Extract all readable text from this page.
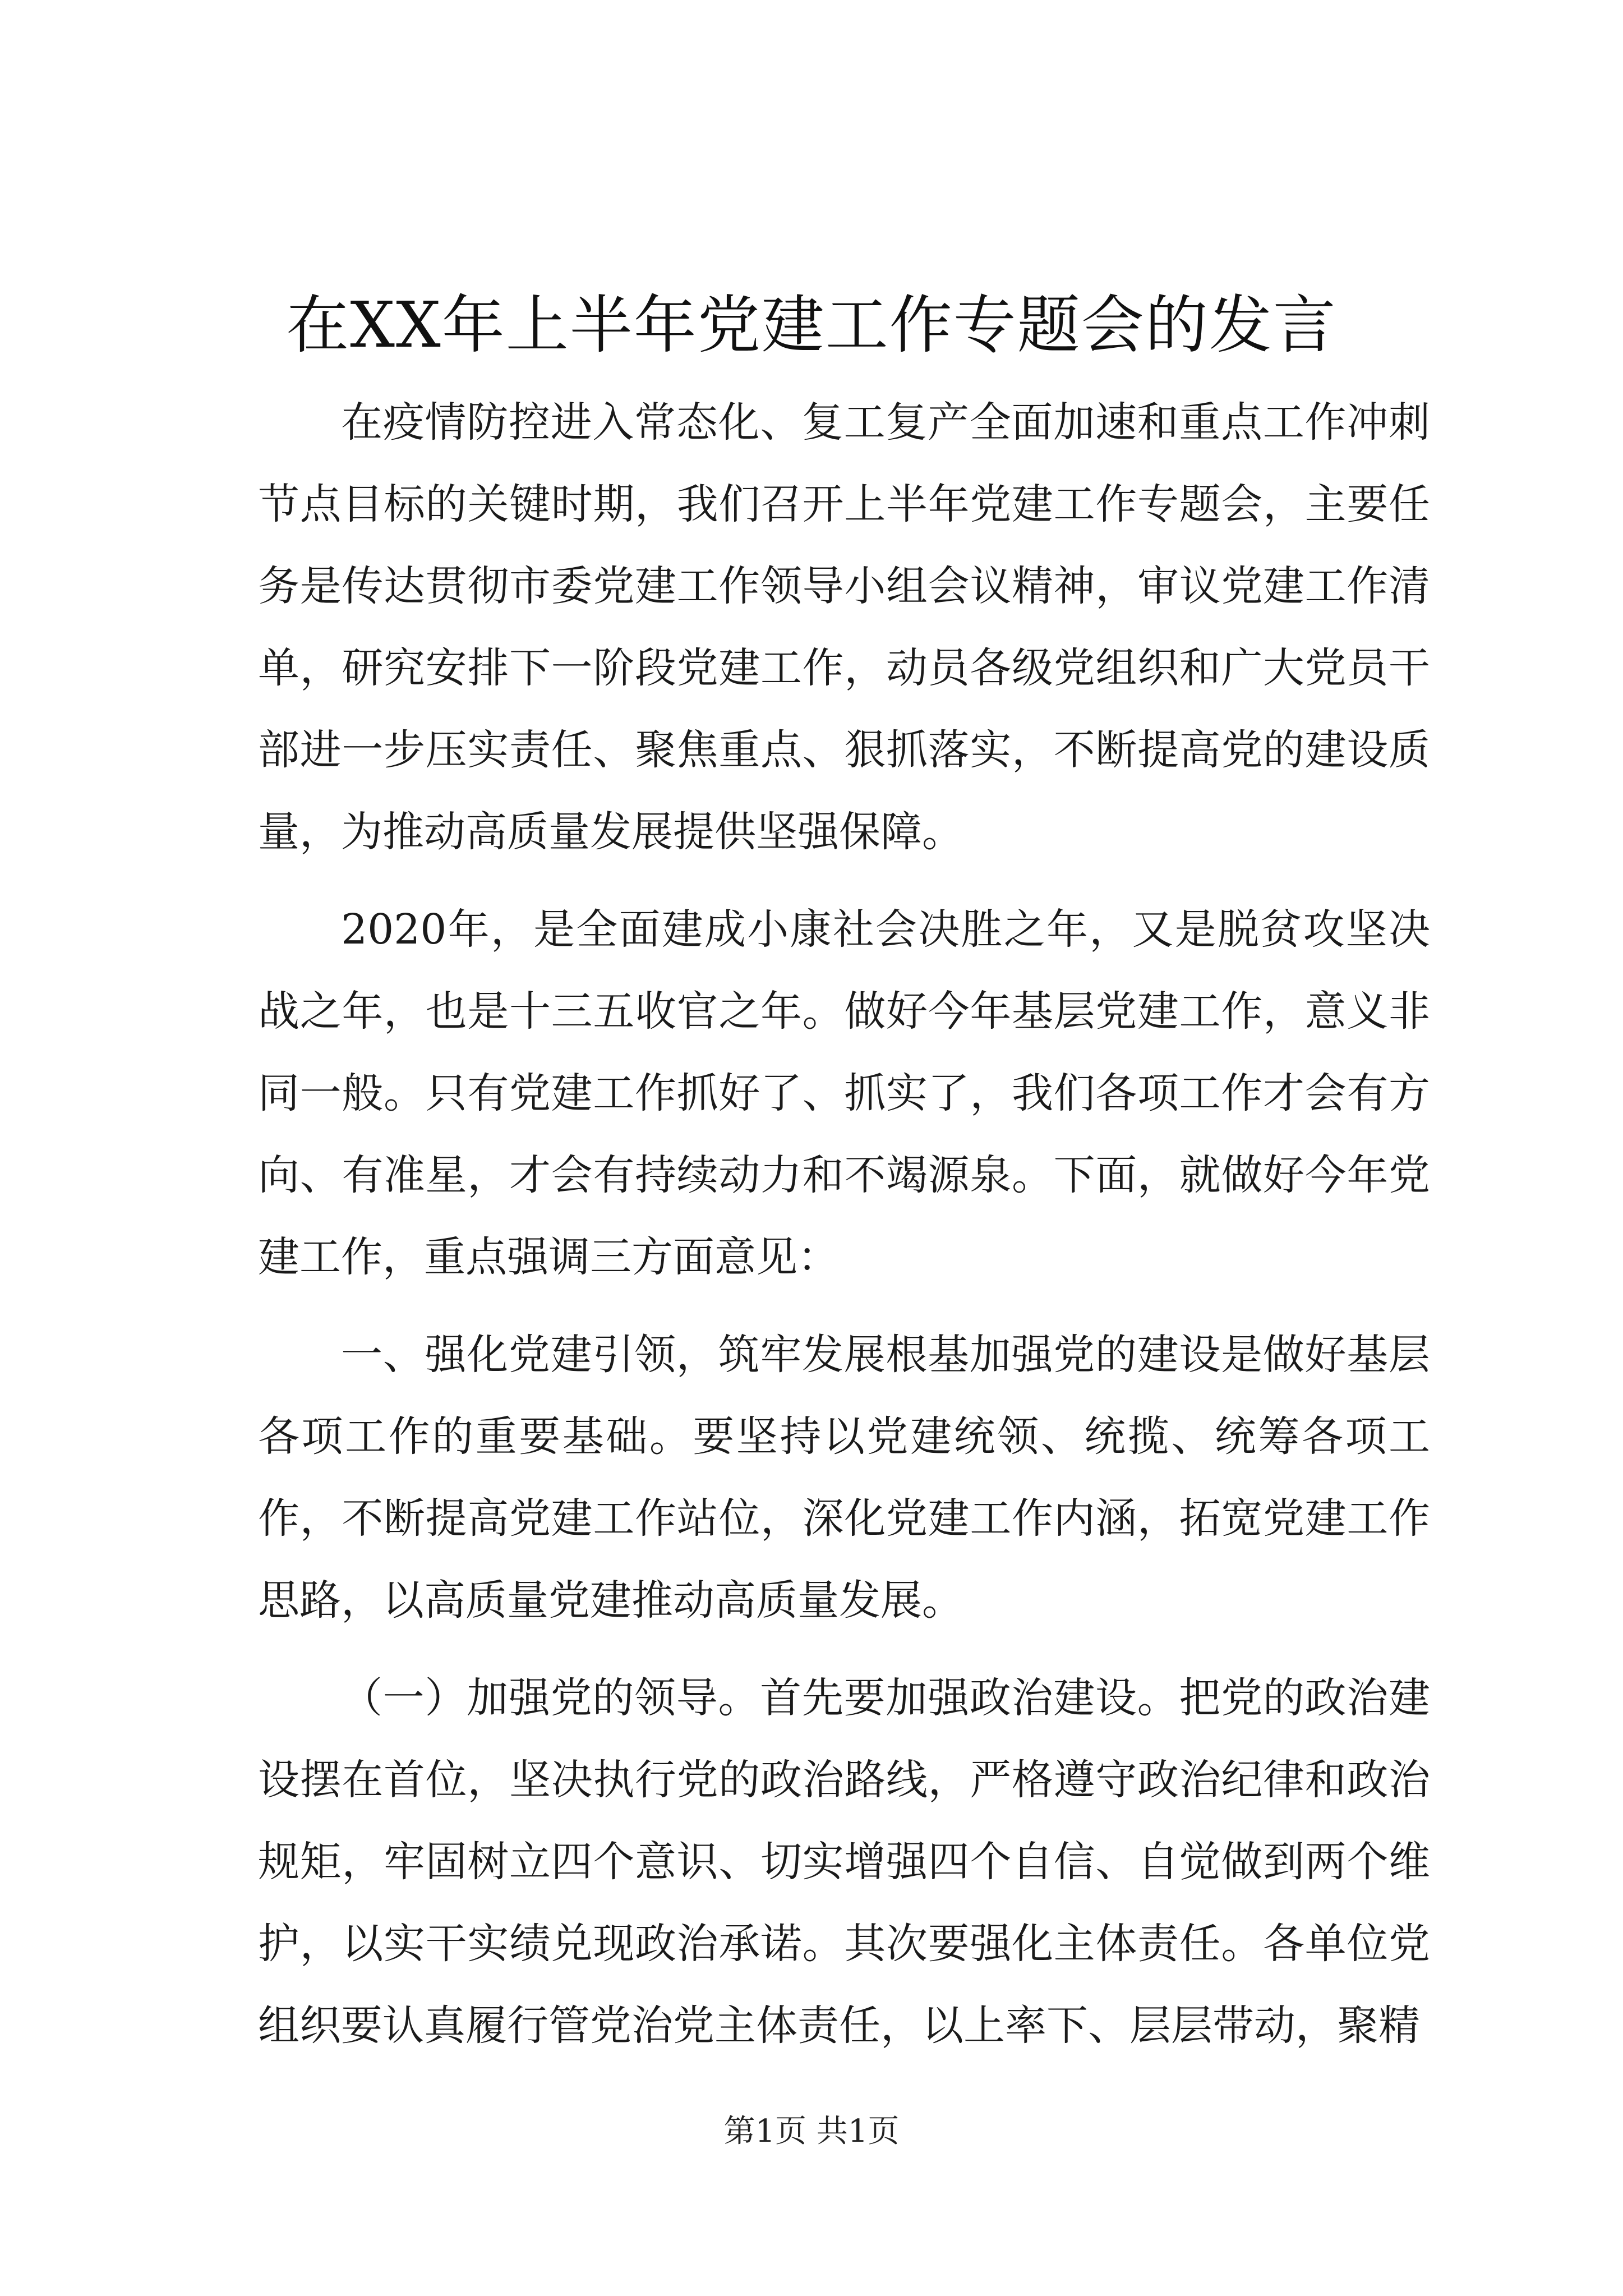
在XX年上半年党建工作专题会的发言

在疫情防控进入常态化、复工复产全面加速和重点工作冲刺节点目标的关键时期，我们召开上半年党建工作专题会，主要任务是传达贯彻市委党建工作领导小组会议精神，审议党建工作清单，研究安排下一阶段党建工作，动员各级党组织和广大党员干部进一步压实责任、聚焦重点、狠抓落实，不断提高党的建设质量，为推动高质量发展提供坚强保障。

2020年，是全面建成小康社会决胜之年，又是脱贫攻坚决战之年，也是十三五收官之年。做好今年基层党建工作，意义非同一般。只有党建工作抓好了、抓实了，我们各项工作才会有方向、有准星，才会有持续动力和不竭源泉。下面，就做好今年党建工作，重点强调三方面意见：

一、强化党建引领，筑牢发展根基加强党的建设是做好基层各项工作的重要基础。要坚持以党建统领、统揽、统筹各项工作，不断提高党建工作站位，深化党建工作内涵，拓宽党建工作思路，以高质量党建推动高质量发展。

（一）加强党的领导。首先要加强政治建设。把党的政治建设摆在首位，坚决执行党的政治路线，严格遵守政治纪律和政治规矩，牢固树立四个意识、切实增强四个自信、自觉做到两个维护，以实干实绩兑现政治承诺。其次要强化主体责任。各单位党组织要认真履行管党治党主体责任，以上率下、层层带动，聚精

第1页 共1页
